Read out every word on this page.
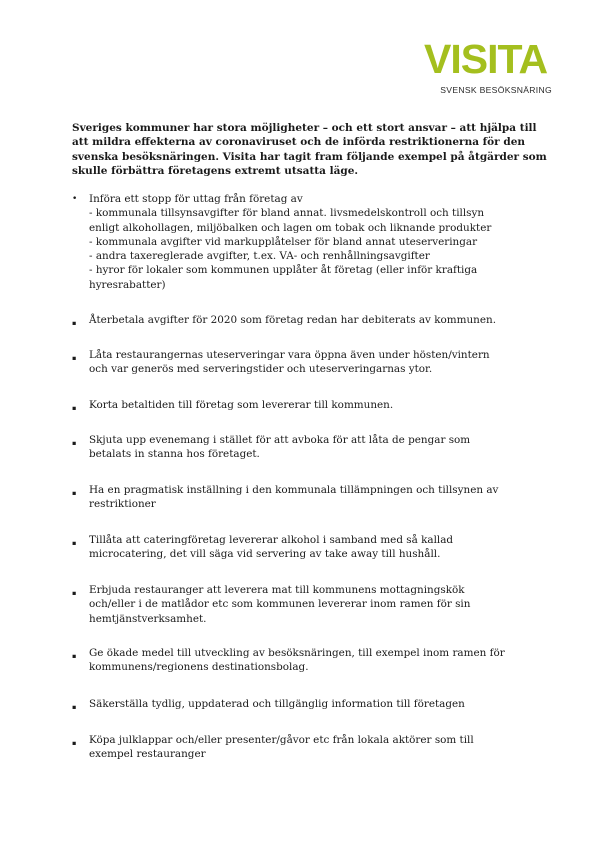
VISITA
SVENSK BESÖKSNÄRING
Sveriges kommuner har stora möjligheter – och ett stort ansvar – att hjälpa till
att mildra effekterna av coronaviruset och de införda restriktionerna för den
svenska besöksnäringen. Visita har tagit fram följande exempel på åtgärder som
skulle förbättra företagens extremt utsatta läge.
• Införa ett stopp för uttag från företag av
- kommunala tillsynsavgifter för bland annat. livsmedelskontroll och tillsyn
enligt alkohollagen, miljöbalken och lagen om tobak och liknande produkter
- kommunala avgifter vid markupplåtelser för bland annat uteserveringar
- andra taxereglerade avgifter, t.ex. VA- och renhållningsavgifter
- hyror för lokaler som kommunen upplåter åt företag (eller inför kraftiga
hyresrabatter)
▪	Återbetala avgifter för 2020 som företag redan har debiterats av kommunen.
▪	Låta restaurangernas uteserveringar vara öppna även under hösten/vintern
och var generös med serveringstider och uteserveringarnas ytor.
▪	Korta betaltiden till företag som levererar till kommunen.
▪	Skjuta upp evenemang i stället för att avboka för att låta de pengar som
betalats in stanna hos företaget.
▪	Ha en pragmatisk inställning i den kommunala tillämpningen och tillsynen av
restriktioner
▪	Tillåta att cateringföretag levererar alkohol i samband med så kallad
microcatering, det vill säga vid servering av take away till hushåll.
▪	Erbjuda restauranger att leverera mat till kommunens mottagningskök
och/eller i de matlådor etc som kommunen levererar inom ramen för sin
hemtjänstverksamhet.
▪	Ge ökade medel till utveckling av besöksnäringen, till exempel inom ramen för
kommunens/regionens destinationsbolag.
▪	Säkerställa tydlig, uppdaterad och tillgänglig information till företagen
▪	Köpa julklappar och/eller presenter/gåvor etc från lokala aktörer som till
exempel restauranger
